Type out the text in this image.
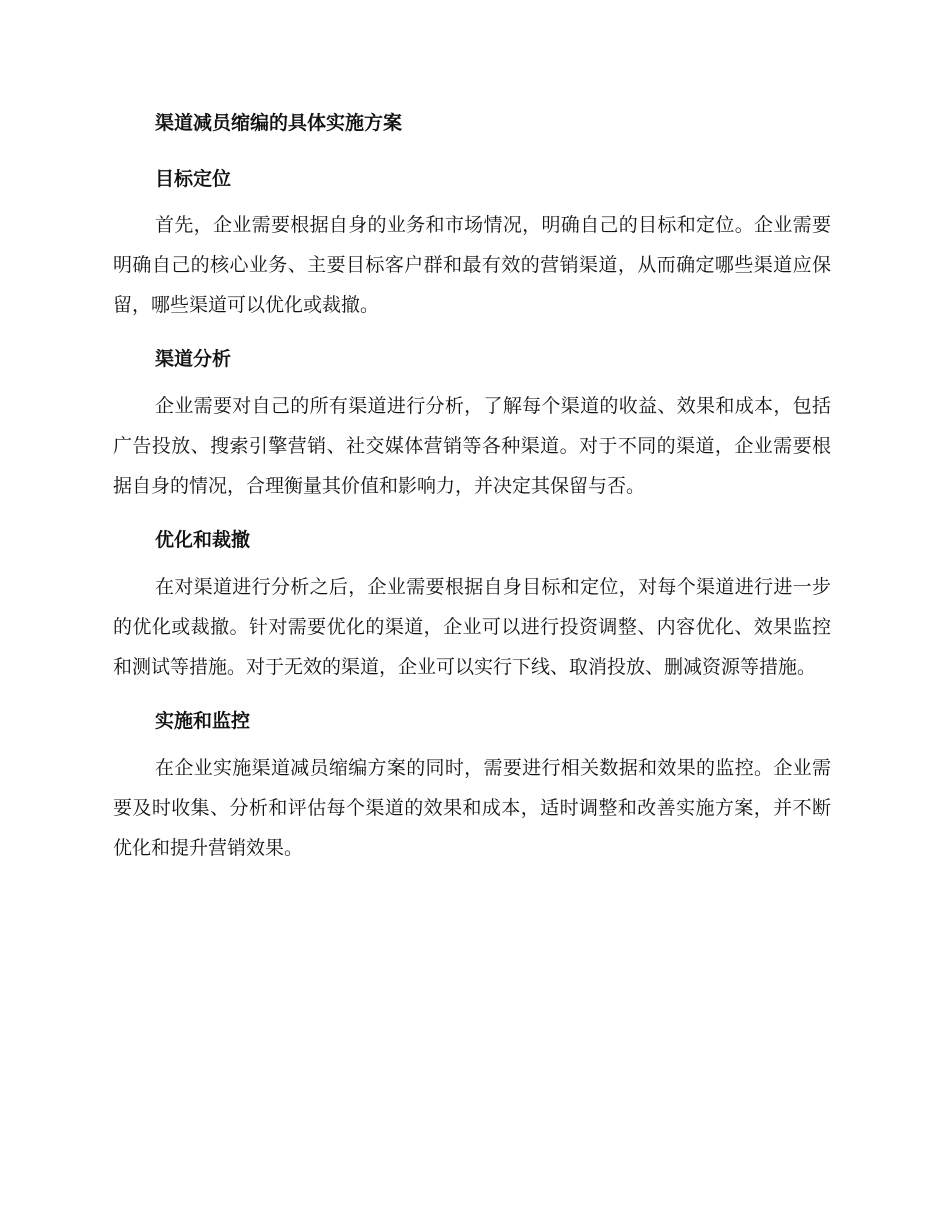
渠道减员缩编的具体实施方案
目标定位

首先，企业需要根据自身的业务和市场情况，明确自己的目标和定位。企业需要明确自己的核心业务、主要目标客户群和最有效的营销渠道，从而确定哪些渠道应保留，哪些渠道可以优化或裁撤。

渠道分析

企业需要对自己的所有渠道进行分析，了解每个渠道的收益、效果和成本，包括广告投放、搜索引擎营销、社交媒体营销等各种渠道。对于不同的渠道，企业需要根据自身的情况，合理衡量其价值和影响力，并决定其保留与否。

优化和裁撤

在对渠道进行分析之后，企业需要根据自身目标和定位，对每个渠道进行进一步的优化或裁撤。针对需要优化的渠道，企业可以进行投资调整、内容优化、效果监控和测试等措施。对于无效的渠道，企业可以实行下线、取消投放、删减资源等措施。

实施和监控

在企业实施渠道减员缩编方案的同时，需要进行相关数据和效果的监控。企业需要及时收集、分析和评估每个渠道的效果和成本，适时调整和改善实施方案，并不断优化和提升营销效果。
